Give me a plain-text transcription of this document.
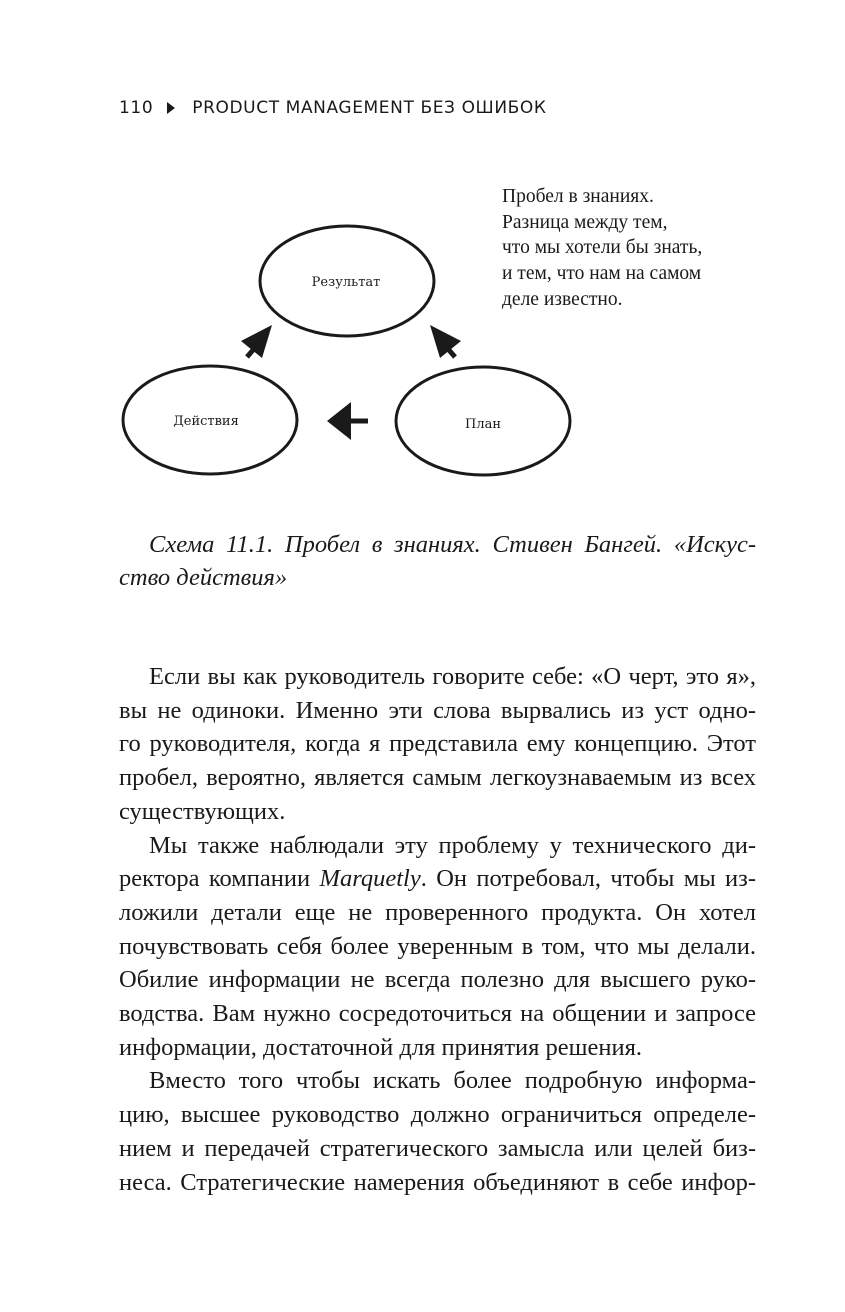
110 PRODUCT MANAGEMENT БЕЗ ОШИБОК
Результат
Действия	План
Пробел в знаниях.
Разница между тем,
что мы хотели бы знать,
и тем, что нам на самом
деле известно.
Схема 11.1. Пробел в знаниях. Стивен Бангей. «Искус-
ство действия»
Если вы как руководитель говорите себе: «О черт, это я»,
вы не одиноки. Именно эти слова вырвались из уст одно-
го руководителя, когда я представила ему концепцию. Этот
пробел, вероятно, является самым легкоузнаваемым из всех
существующих.
Мы также наблюдали эту проблему у технического ди-
ректора компании Marquetly. Он потребовал, чтобы мы из-
ложили детали еще не проверенного продукта. Он хотел
почувствовать себя более уверенным в том, что мы делали.
Обилие информации не всегда полезно для высшего руко-
водства. Вам нужно сосредоточиться на общении и запросе
информации, достаточной для принятия решения.
Вместо того чтобы искать более подробную информа-
цию, высшее руководство должно ограничиться определе-
нием и передачей стратегического замысла или целей биз-
неса. Стратегические намерения объединяют в себе инфор-
